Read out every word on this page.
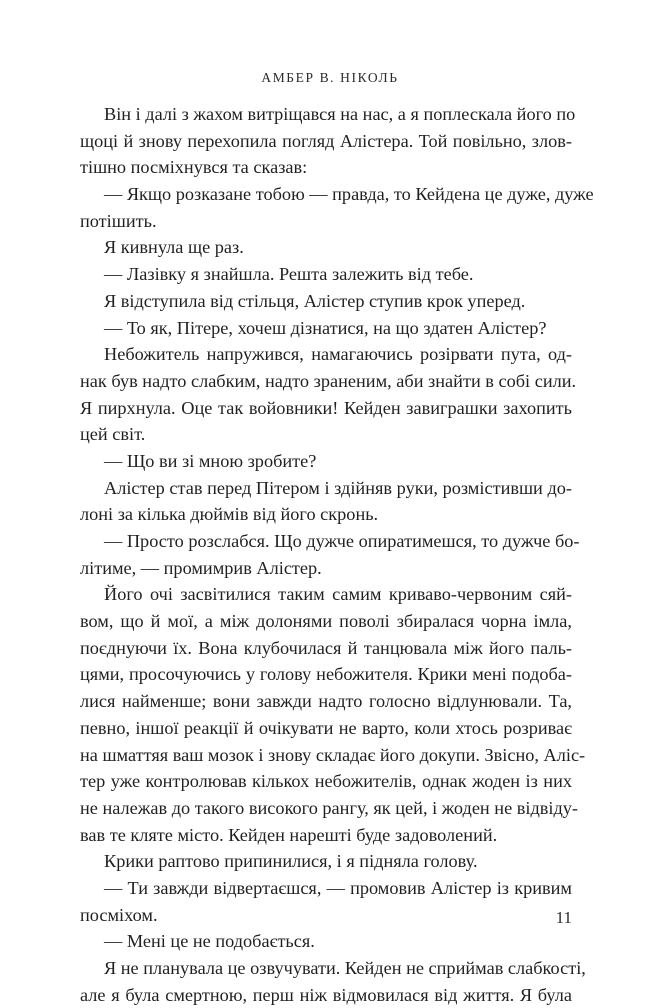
АМБЕР В. НІКОЛЬ
Він і далі з жахом витріщався на нас, а я поплескала його по
щоці й знову перехопила погляд Алістера. Той повільно, злов-
тішно посміхнувся та сказав:
— Якщо розказане тобою — правда, то Кейдена це дуже, дуже
потішить.
Я кивнула ще раз.
— Лазівку я знайшла. Решта залежить від тебе.
Я відступила від стільця, Алістер ступив крок уперед.
— То як, Пітере, хочеш дізнатися, на що здатен Алістер?
Небожитель напружився, намагаючись розірвати пута, од-
нак був надто слабким, надто зраненим, аби знайти в собі сили.
Я пирхнула. Оце так войовники! Кейден завиграшки захопить
цей світ.
— Що ви зі мною зробите?
Алістер став перед Пітером і здійняв руки, розмістивши до-
лоні за кілька дюймів від його скронь.
— Просто розслабся. Що дужче опиратимешся, то дужче бо-
літиме, — промимрив Алістер.
Його очі засвітилися таким самим криваво-червоним сяй-
вом, що й мої, а між долонями поволі збиралася чорна імла,
поєднуючи їх. Вона клубочилася й танцювала між його паль-
цями, просочуючись у голову небожителя. Крики мені подоба-
лися найменше; вони завжди надто голосно відлунювали. Та,
певно, іншої реакції й очікувати не варто, коли хтось розриває
на шматтяя ваш мозок і знову складає його докупи. Звісно, Аліс-
тер уже контролював кількох небожителів, однак жоден із них
не належав до такого високого рангу, як цей, і жоден не відвіду-
вав те кляте місто. Кейден нарешті буде задоволений.
Крики раптово припинилися, і я підняла голову.
— Ти завжди відвертаєшся, — промовив Алістер із кривим
посміхом.
— Мені це не подобається.
Я не планувала це озвучувати. Кейден не сприймав слабкості,
але я була смертною, перш ніж відмовилася від життя. Я була
11
